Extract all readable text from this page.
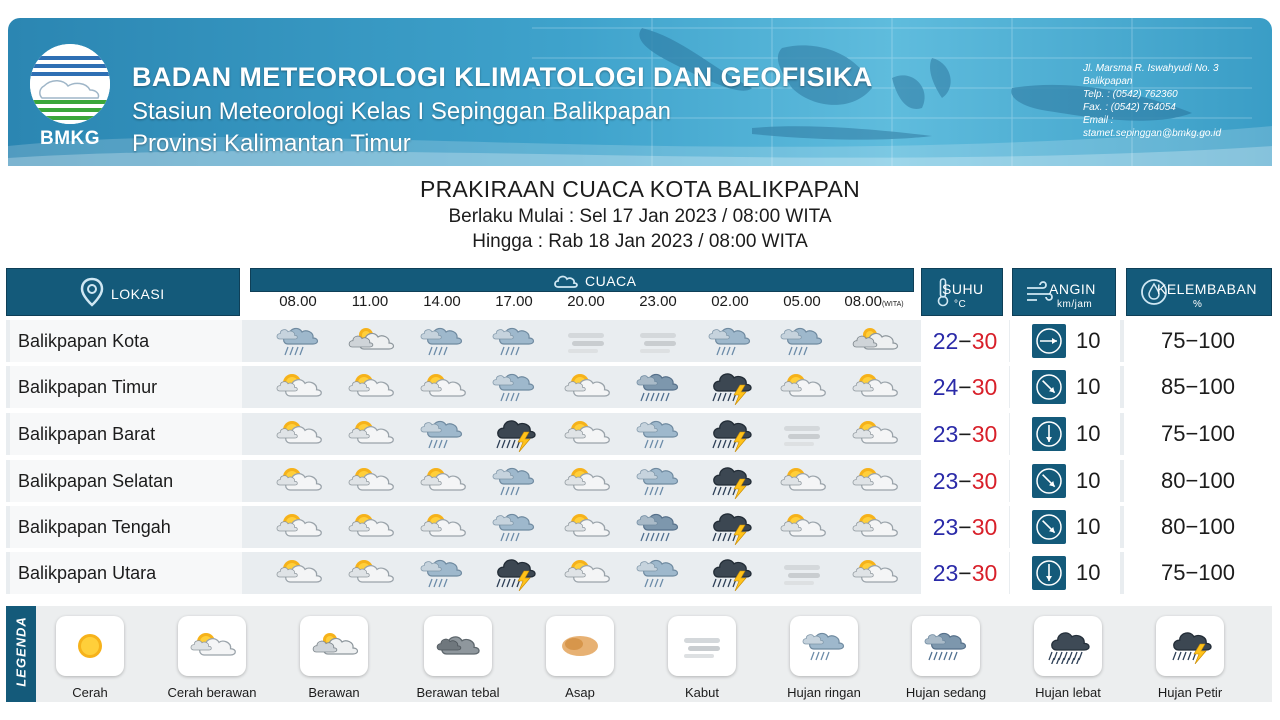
BMKG
BADAN METEOROLOGI KLIMATOLOGI DAN GEOFISIKA
Stasiun Meteorologi Kelas I Sepinggan Balikpapan
Provinsi Kalimantan Timur
Jl. Marsma R. Iswahyudi No. 3
Balikpapan
Telp. : (0542) 762360
Fax. : (0542) 764054
Email :
stamet.sepinggan@bmkg.go.id
PRAKIRAAN CUACA KOTA BALIKPAPAN
Berlaku Mulai : Sel 17 Jan 2023 / 08:00 WITA
Hingga : Rab 18 Jan 2023 / 08:00 WITA
LOKASI
CUACA
08.00	11.00	14.00	17.00	20.00	23.00	02.00	05.00	08.00(WITA)
SUHU
°C
ANGIN
km/jam
KELEMBABAN
%
Balikpapan Kota	22−30	10	75−100
Balikpapan Timur	24−30	10	85−100
Balikpapan Barat	23−30	10	75−100
Balikpapan Selatan	23−30	10	80−100
Balikpapan Tengah	23−30	10	80−100
Balikpapan Utara	23−30	10	75−100
LEGENDA
Cerah	Cerah berawan	Berawan	Berawan tebal	Asap	Kabut	Hujan ringan	Hujan sedang	Hujan lebat	Hujan Petir
